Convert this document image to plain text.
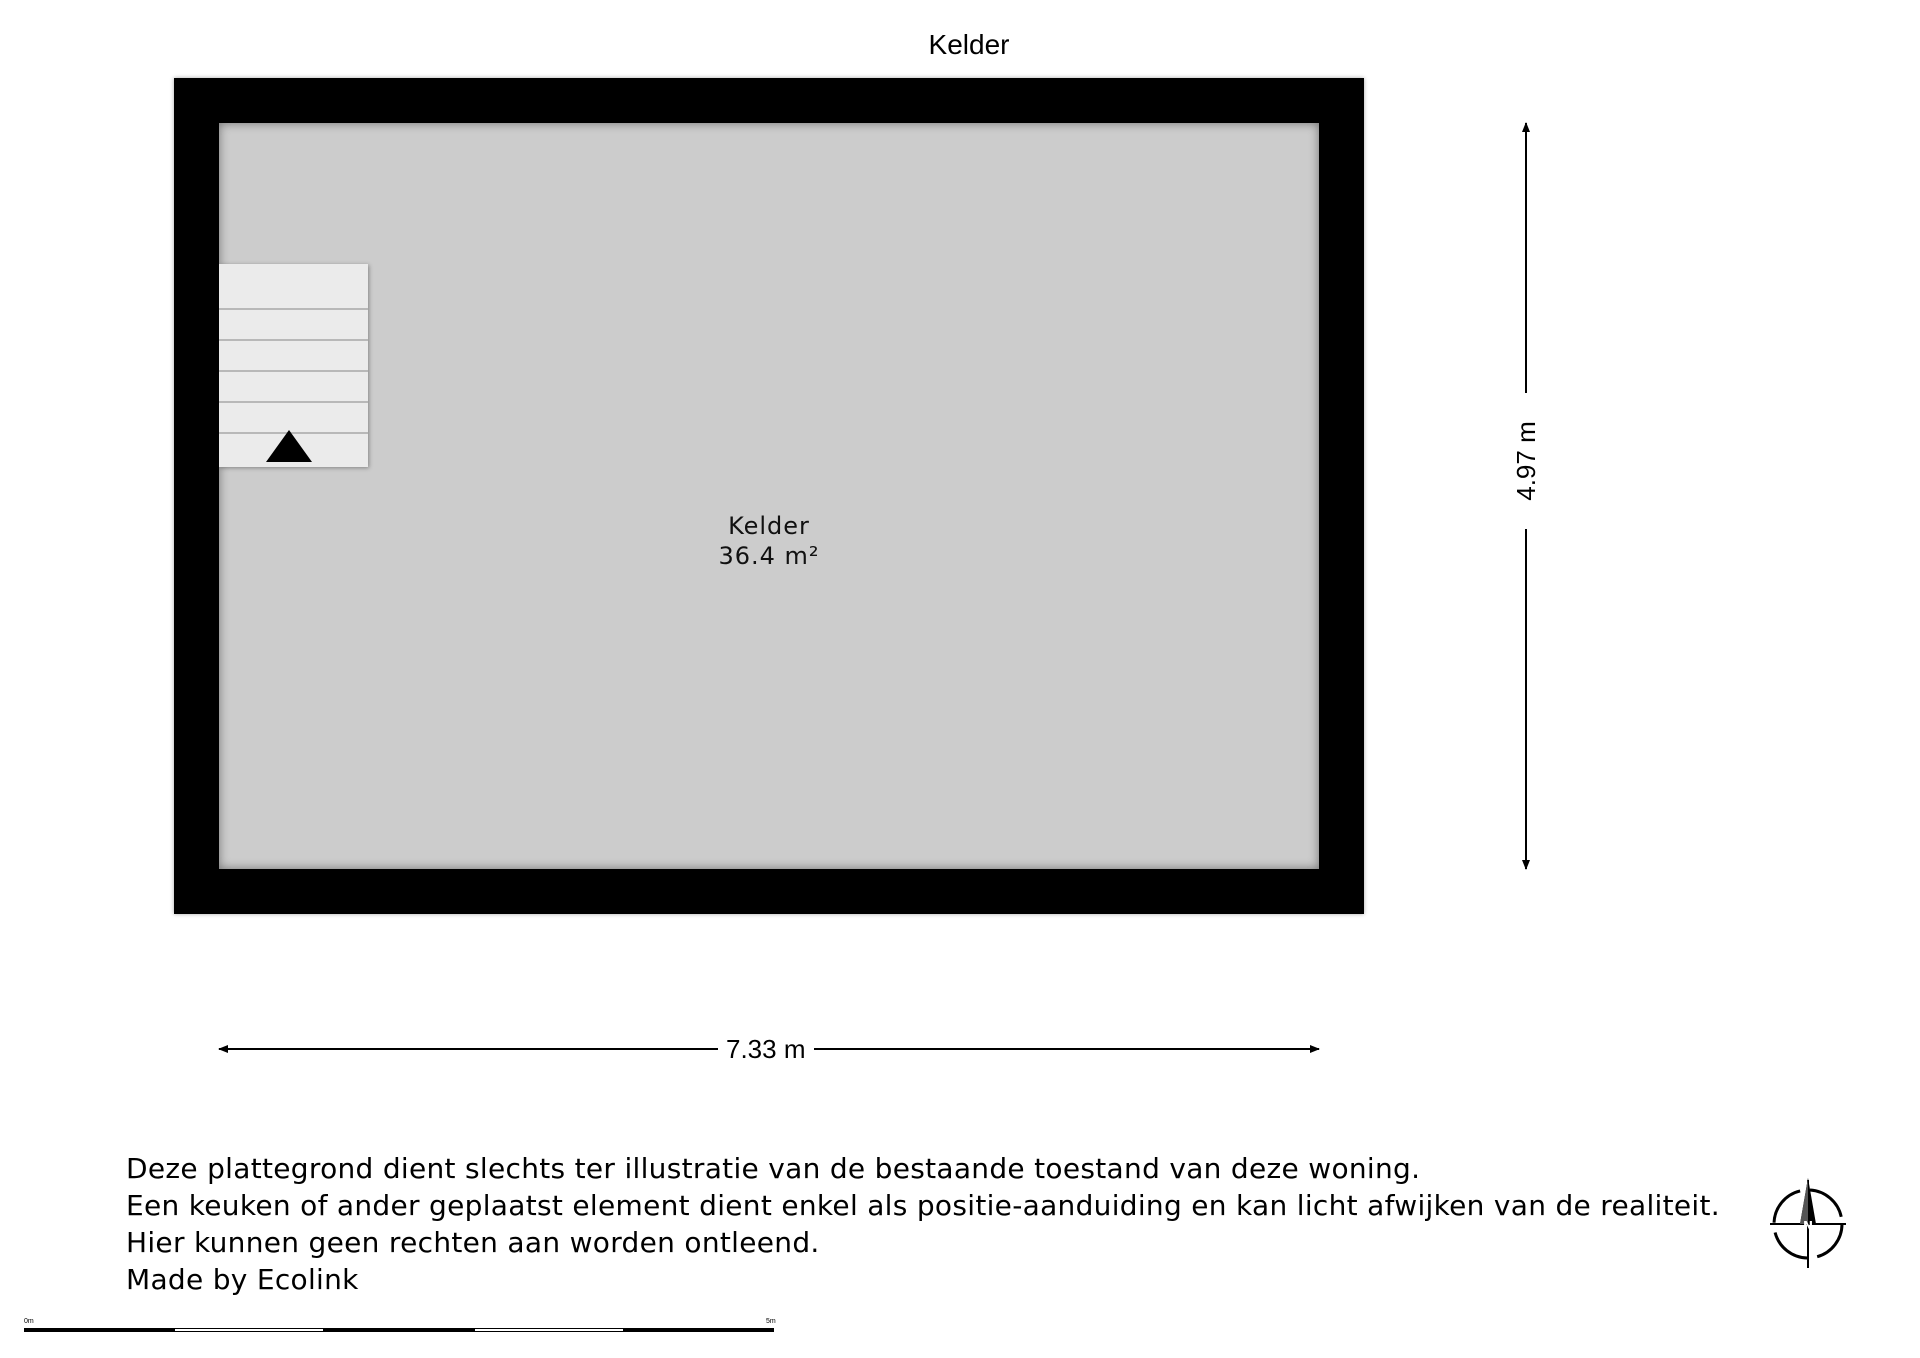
Kelder
Kelder
36.4 m²
7.33 m
4.97 m
Deze plattegrond dient slechts ter illustratie van de bestaande toestand van deze woning.
Een keuken of ander geplaatst element dient enkel als positie-aanduiding en kan licht afwijken van de realiteit.
Hier kunnen geen rechten aan worden ontleend.
Made by Ecolink
N
0m	5m
